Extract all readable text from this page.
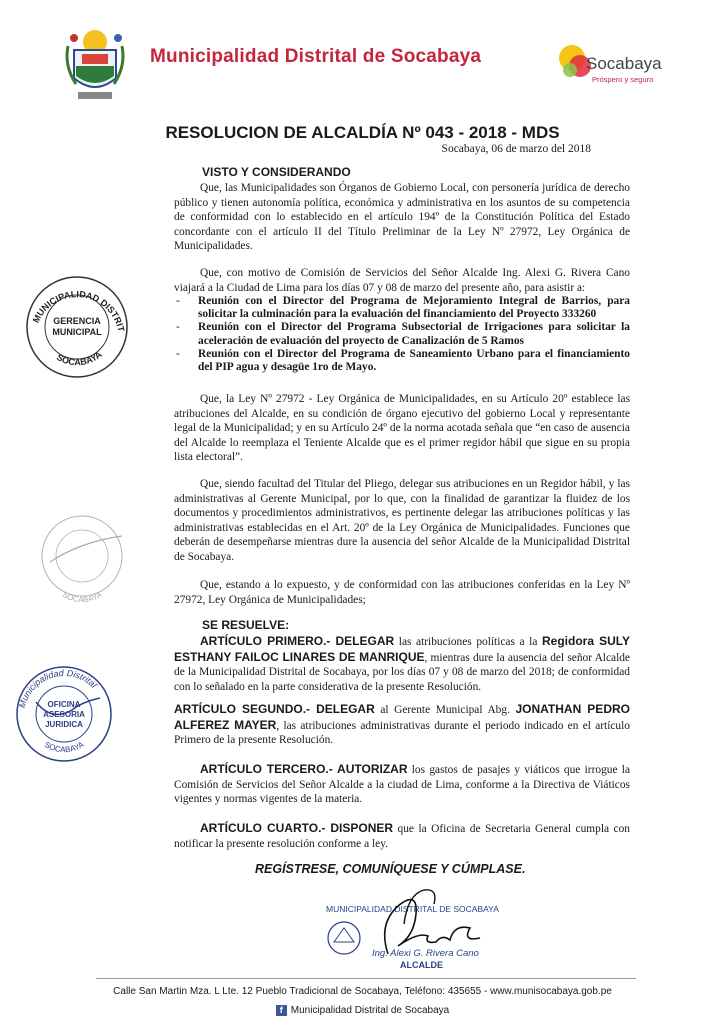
Municipalidad Distrital de Socabaya	Socabaya
Próspero y seguro
RESOLUCION DE ALCALDÍA Nº 043 - 2018 - MDS
Socabaya, 06 de marzo del 2018
VISTO Y CONSIDERANDO
Que, las Municipalidades son Órganos de Gobierno Local, con personería jurídica de derecho público y tienen autonomía política, económica y administrativa en los asuntos de su competencia de conformidad con lo establecido en el artículo 194º de la Constitución Política del Estado concordante con el artículo II del Título Preliminar de la Ley Nº 27972, Ley Orgánica de Municipalidades.
Que, con motivo de Comisión de Servicios del Señor Alcalde Ing. Alexi G. Rivera Cano viajará a la Ciudad de Lima para los días 07 y 08 de marzo del presente año, para asistir a:
- Reunión con el Director del Programa de Mejoramiento Integral de Barrios, para solicitar la culminación para la evaluación del financiamiento del Proyecto 333260
- Reunión con el Director del Programa Subsectorial de Irrigaciones para solicitar la aceleración de evaluación del proyecto de Canalización de 5 Ramos
- Reunión con el Director del Programa de Saneamiento Urbano para el financiamiento del PIP agua y desagüe 1ro de Mayo.
Que, la Ley Nº 27972 - Ley Orgánica de Municipalidades, en su Artículo 20º establece las atribuciones del Alcalde, en su condición de órgano ejecutivo del gobierno Local y representante legal de la Municipalidad; y en su Artículo 24º de la norma acotada señala que “en caso de ausencia del Alcalde lo reemplaza el Teniente Alcalde que es el primer regidor hábil que sigue en su propia lista electoral”.
Que, siendo facultad del Titular del Pliego, delegar sus atribuciones en un Regidor hábil, y las administrativas al Gerente Municipal, por lo que, con la finalidad de garantizar la fluidez de los documentos y procedimientos administrativos, es pertinente delegar las atribuciones políticas y las administrativas establecidas en el Art. 20º de la Ley Orgánica de Municipalidades. Funciones que deberán de desempeñarse mientras dure la ausencia del señor Alcalde de la Municipalidad Distrital de Socabaya.
Que, estando a lo expuesto, y de conformidad con las atribuciones conferidas en la Ley Nº 27972, Ley Orgánica de Municipalidades;
SE RESUELVE:
ARTÍCULO PRIMERO.- DELEGAR las atribuciones políticas a la Regidora SULY ESTHANY FAILOC LINARES DE MANRIQUE, mientras dure la ausencia del señor Alcalde de la Municipalidad Distrital de Socabaya, por los días 07 y 08 de marzo del 2018; de conformidad con lo señalado en la parte considerativa de la presente Resolución.
ARTÍCULO SEGUNDO.- DELEGAR al Gerente Municipal Abg. JONATHAN PEDRO ALFEREZ MAYER, las atribuciones administrativas durante el periodo indicado en el artículo Primero de la presente Resolución.
ARTÍCULO TERCERO.- AUTORIZAR los gastos de pasajes y viáticos que irrogue la Comisión de Servicios del Señor Alcalde a la ciudad de Lima, conforme a la Directiva de Viáticos vigentes y normas vigentes de la materia.
ARTÍCULO CUARTO.- DISPONER que la Oficina de Secretaria General cumpla con notificar la presente resolución conforme a ley.
REGÍSTRESE, COMUNÍQUESE Y CÚMPLASE.
MUNICIPALIDAD DISTRIT
SOCABAYA
GERENCIA
MUNICIPAL
SOCABAYA
Municipalidad Distrital
SOCABAYA
OFICINA
ASESORIA
JURIDICA
MUNICIPALIDAD DISTRITAL DE SOCABAYA
Ing. Alexi G. Rivera Cano
ALCALDE
Calle San Martin Mza. L Lte. 12 Pueblo Tradicional de Socabaya, Teléfono: 435655 - www.munisocabaya.gob.pe
f Municipalidad Distrital de Socabaya
